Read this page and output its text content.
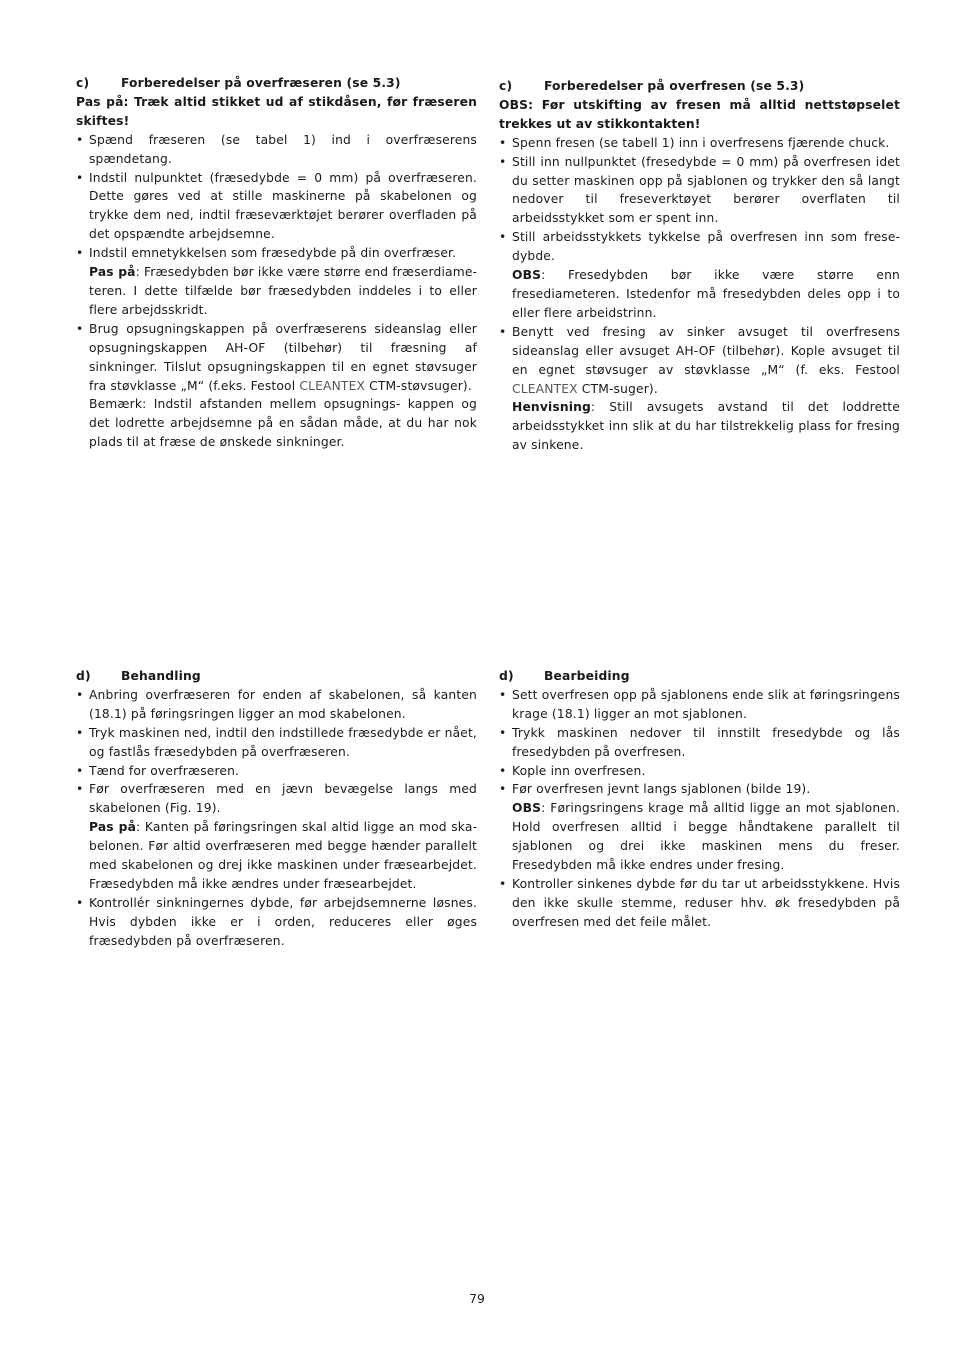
c)	Forberedelser på overfræseren (se 5.3)

Pas på: Træk altid stikket ud af stikdåsen, før fræseren skiftes!

• Spænd fræseren (se tabel 1) ind i overfræserens spændetang.
• Indstil nulpunktet (fræsedybde = 0 mm) på overfræseren. Dette gøres ved at stille maskinerne på skabelonen og trykke dem ned, indtil fræseværktøjet berører overfladen på det opspændte arbejdsemne.
• Indstil emnetykkelsen som fræsedybde på din overfræser.
Pas på: Fræsedybden bør ikke være større end fræserdiameteren. I dette tilfælde bør fræsedybden inddeles i to eller flere arbejdsskridt.
• Brug opsugningskappen på overfræserens sideanslag eller opsugningskappen AH-OF (tilbehør) til fræsning af sinkninger. Tilslut opsugningskappen til en egnet støvsuger fra støvklasse „M“ (f.eks. Festool CLEANTEX CTM-støvsuger).
Bemærk: Indstil afstanden mellem opsugnings- kappen og det lodrette arbejdsemne på en sådan måde, at du har nok plads til at fræse de ønskede sinkninger.
c)	Forberedelser på overfresen (se 5.3)

OBS: Før utskifting av fresen må alltid nettstøpselet trekkes ut av stikkontakten!

• Spenn fresen (se tabell 1) inn i overfresens fjærende chuck.
• Still inn nullpunktet (fresedybde = 0 mm) på overfresen idet du setter maskinen opp på sjablonen og trykker den så langt nedover til freseverktøyet berører overflaten til arbeidsstykket som er spent inn.
• Still arbeidsstykkets tykkelse på overfresen inn som fresedybde.
OBS: Fresedybden bør ikke være større enn fresediameteren. Istedenfor må fresedybden deles opp i to eller flere arbeidstrinn.
• Benytt ved fresing av sinker avsuget til overfresens sideanslag eller avsuget AH-OF (tilbehør). Kople avsuget til en egnet støvsuger av støvklasse „M“ (f. eks. Festool CLEANTEX CTM-suger).
Henvisning: Still avsugets avstand til det loddrette arbeidsstykket inn slik at du har tilstrekkelig plass for fresing av sinkene.
d)	Behandling
• Anbring overfræseren for enden af skabelonen, så kanten (18.1) på føringsringen ligger an mod skabelonen.
• Tryk maskinen ned, indtil den indstillede fræsedybde er nået, og fastlås fræsedybden på overfræseren.
• Tænd for overfræseren.
• Før overfræseren med en jævn bevægelse langs med skabelonen (Fig. 19).
Pas på: Kanten på føringsringen skal altid ligge an mod skabelonen. Før altid overfræseren med begge hænder parallelt med skabelonen og drej ikke maskinen under fræsearbejdet. Fræsedybden må ikke ændres under fræsearbejdet.
• Kontrollér sinkningernes dybde, før arbejdsemnerne løsnes. Hvis dybden ikke er i orden, reduceres eller øges fræsedybden på overfræseren.
d)	Bearbeiding
• Sett overfresen opp på sjablonens ende slik at føringsringens krage (18.1) ligger an mot sjablonen.
• Trykk maskinen nedover til innstilt fresedybde og lås fresedybden på overfresen.
• Kople inn overfresen.
• Før overfresen jevnt langs sjablonen (bilde 19).
OBS: Føringsringens krage må alltid ligge an mot sjablonen. Hold overfresen alltid i begge håndtakene parallelt til sjablonen og drei ikke maskinen mens du freser. Fresedybden må ikke endres under fresing.
• Kontroller sinkenes dybde før du tar ut arbeidsstykkene. Hvis den ikke skulle stemme, reduser hhv. øk fresedybden på overfresen med det feile målet.
79
